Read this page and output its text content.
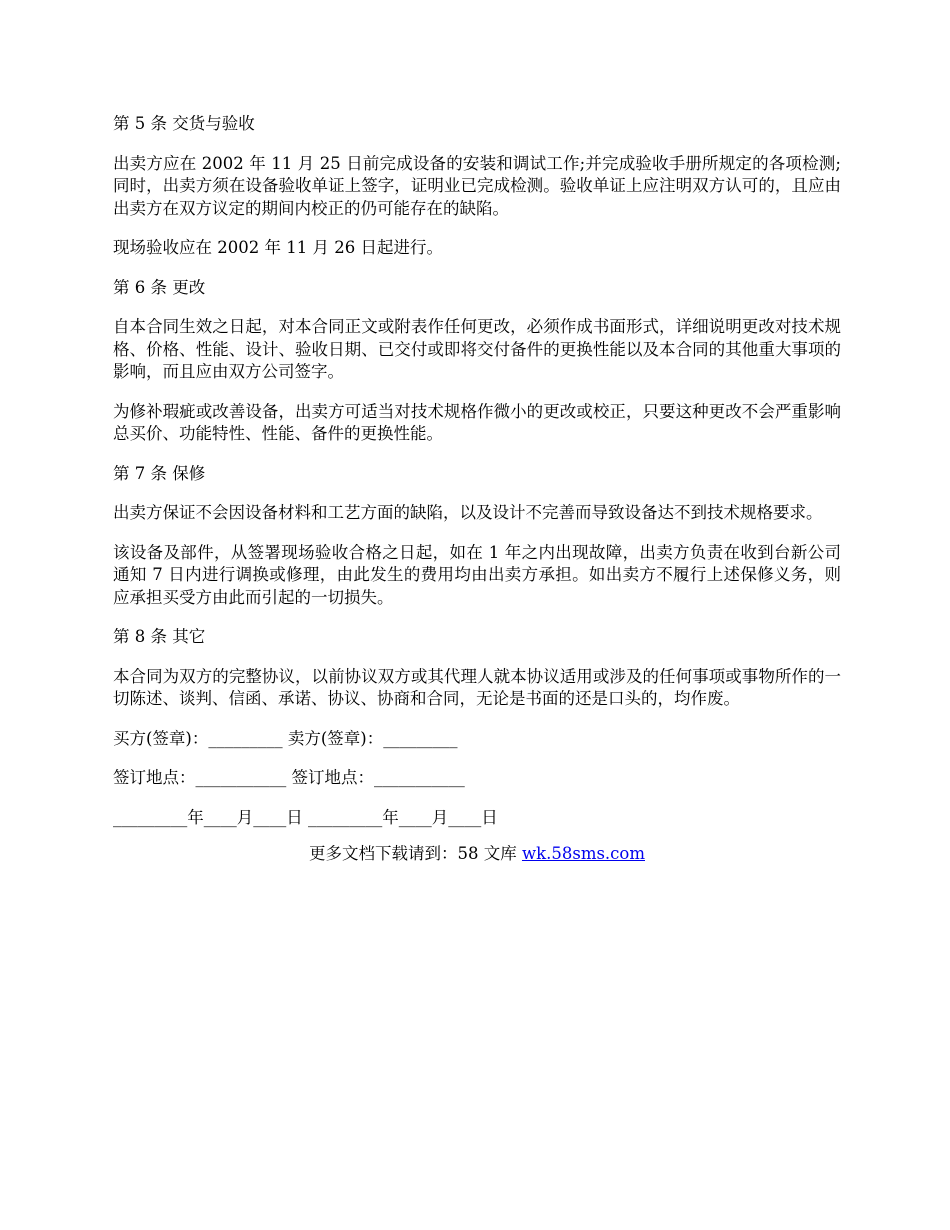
第 5 条 交货与验收

出卖方应在 2002 年 11 月 25 日前完成设备的安装和调试工作;并完成验收手册所规定的各项检测;同时，出卖方须在设备验收单证上签字，证明业已完成检测。验收单证上应注明双方认可的，且应由出卖方在双方议定的期间内校正的仍可能存在的缺陷。

现场验收应在 2002 年 11 月 26 日起进行。

第 6 条 更改

自本合同生效之日起，对本合同正文或附表作任何更改，必须作成书面形式，详细说明更改对技术规格、价格、性能、设计、验收日期、已交付或即将交付备件的更换性能以及本合同的其他重大事项的影响，而且应由双方公司签字。

为修补瑕疵或改善设备，出卖方可适当对技术规格作微小的更改或校正，只要这种更改不会严重影响总买价、功能特性、性能、备件的更换性能。

第 7 条 保修

出卖方保证不会因设备材料和工艺方面的缺陷，以及设计不完善而导致设备达不到技术规格要求。

该设备及部件，从签署现场验收合格之日起，如在 1 年之内出现故障，出卖方负责在收到台新公司通知 7 日内进行调换或修理，由此发生的费用均由出卖方承担。如出卖方不履行上述保修义务，则应承担买受方由此而引起的一切损失。

第 8 条 其它

本合同为双方的完整协议，以前协议双方或其代理人就本协议适用或涉及的任何事项或事物所作的一切陈述、谈判、信函、承诺、协议、协商和合同，无论是书面的还是口头的，均作废。

买方(签章)：_________ 卖方(签章)：_________

签订地点：___________ 签订地点：___________

_________年____月____日 _________年____月____日

更多文档下载请到：58 文库 wk.58sms.com
